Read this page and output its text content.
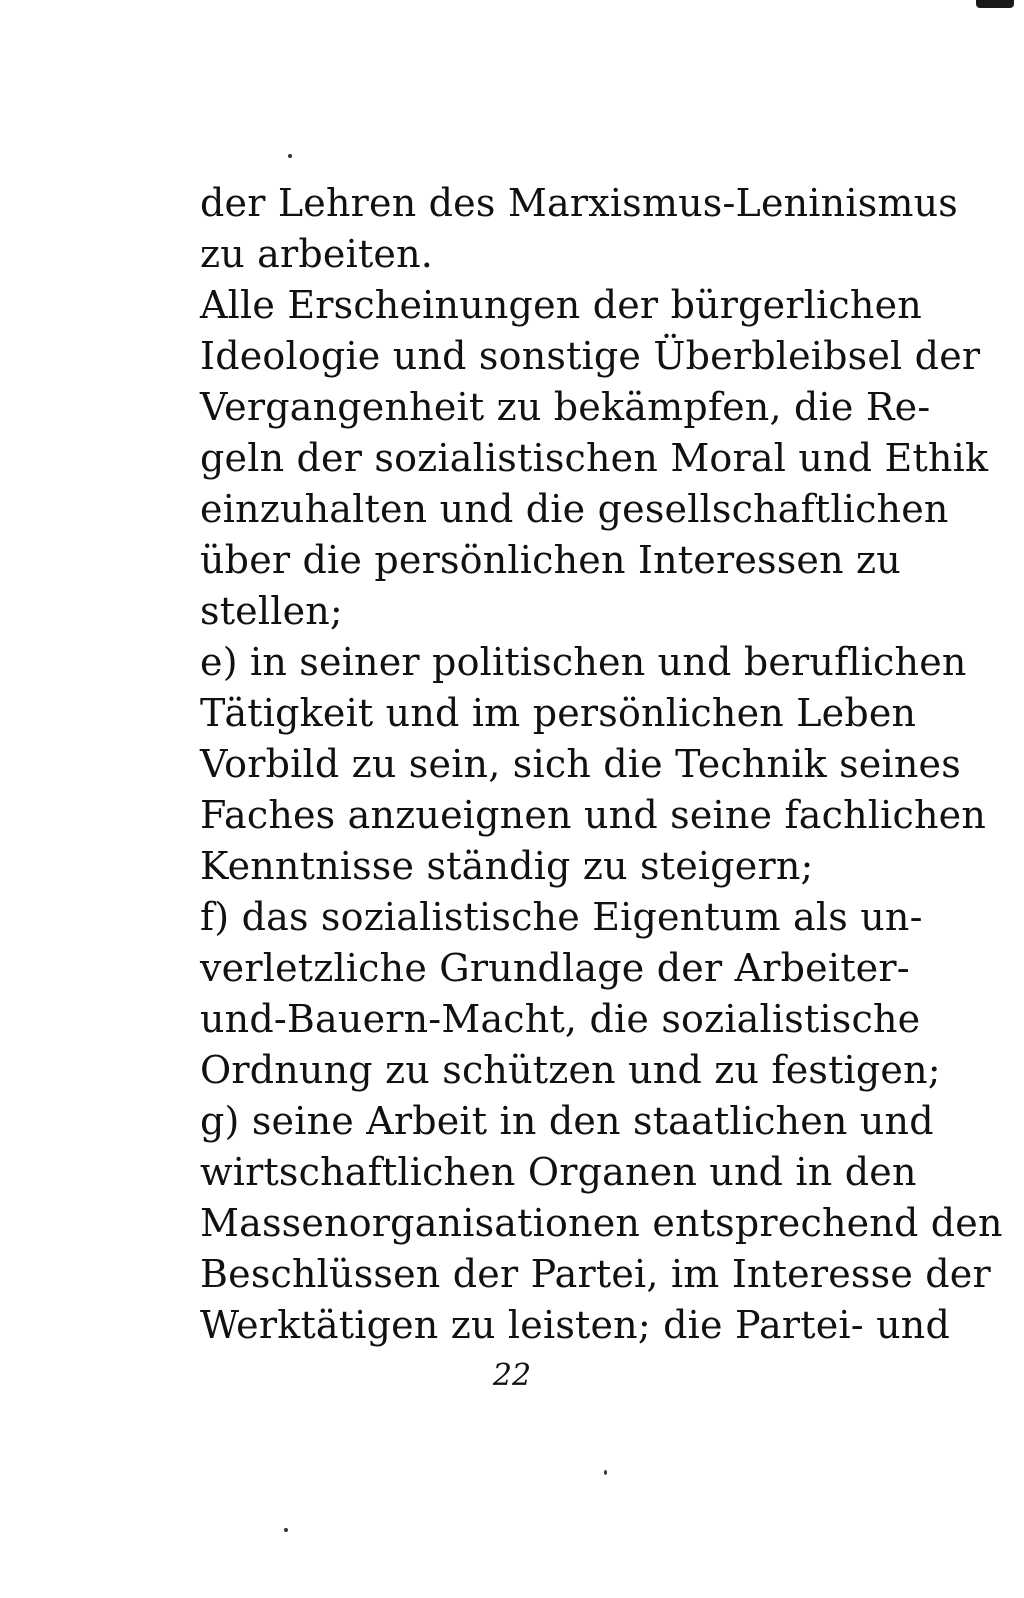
der Lehren des Marxismus-Leninismus
zu arbeiten.
Alle Erscheinungen der bürgerlichen
Ideologie und sonstige Überbleibsel der
Vergangenheit zu bekämpfen, die Re-
geln der sozialistischen Moral und Ethik
einzuhalten und die gesellschaftlichen
über die persönlichen Interessen zu
stellen;
e) in seiner politischen und beruflichen
Tätigkeit und im persönlichen Leben
Vorbild zu sein, sich die Technik seines
Faches anzueignen und seine fachlichen
Kenntnisse ständig zu steigern;
f) das sozialistische Eigentum als un-
verletzliche Grundlage der Arbeiter-
und-Bauern-Macht, die sozialistische
Ordnung zu schützen und zu festigen;
g) seine Arbeit in den staatlichen und
wirtschaftlichen Organen und in den
Massenorganisationen entsprechend den
Beschlüssen der Partei, im Interesse der
Werktätigen zu leisten; die Partei- und
22
